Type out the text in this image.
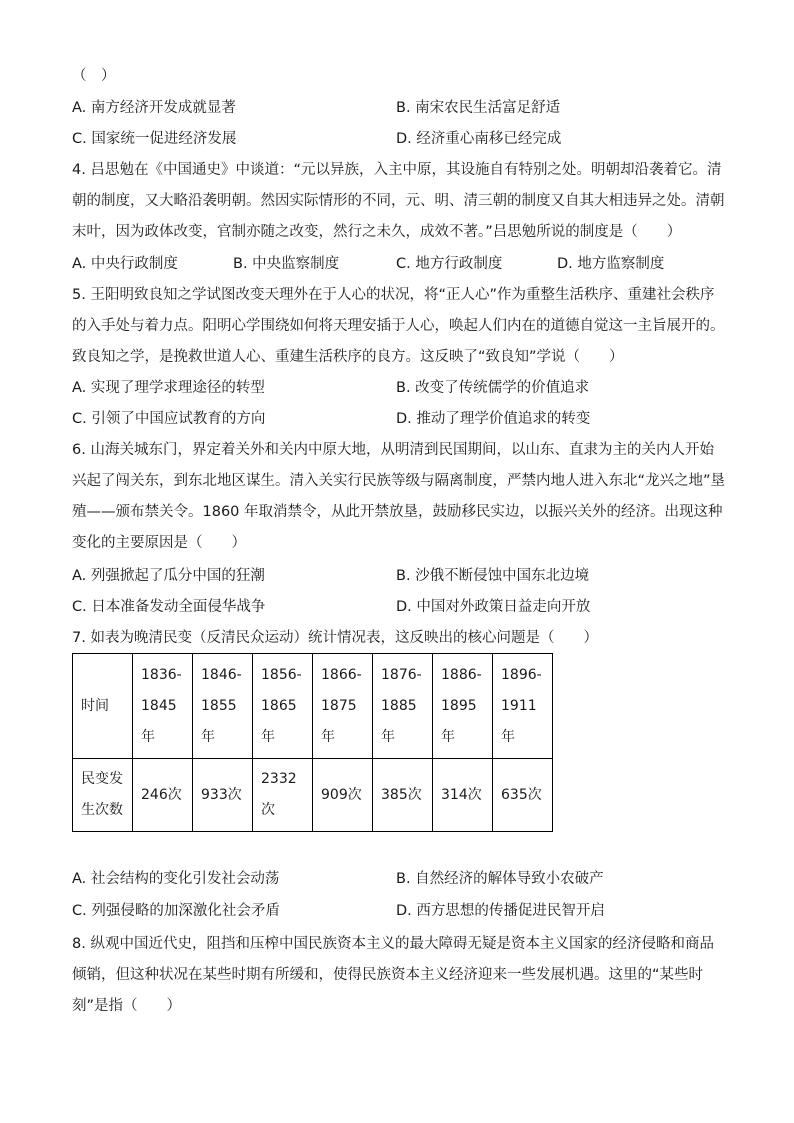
（　）
A. 南方经济开发成就显著	B. 南宋农民生活富足舒适
C. 国家统一促进经济发展	D. 经济重心南移已经完成
4. 吕思勉在《中国通史》中谈道：“元以异族，入主中原，其设施自有特别之处。明朝却沿袭着它。清朝的制度，又大略沿袭明朝。然因实际情形的不同，元、明、清三朝的制度又自其大相违异之处。清朝末叶，因为政体改变，官制亦随之改变，然行之未久，成效不著。”吕思勉所说的制度是（　　）
A. 中央行政制度	B. 中央监察制度	C. 地方行政制度	D. 地方监察制度
5. 王阳明致良知之学试图改变天理外在于人心的状况，将“正人心”作为重整生活秩序、重建社会秩序的入手处与着力点。阳明心学围绕如何将天理安插于人心，唤起人们内在的道德自觉这一主旨展开的。致良知之学，是挽救世道人心、重建生活秩序的良方。这反映了“致良知”学说（　　）
A. 实现了理学求理途径的转型	B. 改变了传统儒学的价值追求
C. 引领了中国应试教育的方向	D. 推动了理学价值追求的转变
6. 山海关城东门，界定着关外和关内中原大地，从明清到民国期间，以山东、直隶为主的关内人开始兴起了闯关东，到东北地区谋生。清入关实行民族等级与隔离制度，严禁内地人进入东北“龙兴之地”垦殖——颁布禁关令。1860 年取消禁令，从此开禁放垦，鼓励移民实边，以振兴关外的经济。出现这种变化的主要原因是（　　）
A. 列强掀起了瓜分中国的狂潮	B. 沙俄不断侵蚀中国东北边境
C. 日本准备发动全面侵华战争	D. 中国对外政策日益走向开放
7. 如表为晚清民变（反清民众运动）统计情况表，这反映出的核心问题是（　　）
时间	1836-1845年	1846-1855年	1856-1865年	1866-1875年	1876-1885年	1886-1895年	1896-1911年
民变发生次数	246次	933次	2332次	909次	385次	314次	635次
A. 社会结构的变化引发社会动荡	B. 自然经济的解体导致小农破产
C. 列强侵略的加深激化社会矛盾	D. 西方思想的传播促进民智开启
8. 纵观中国近代史，阻挡和压榨中国民族资本主义的最大障碍无疑是资本主义国家的经济侵略和商品倾销，但这种状况在某些时期有所缓和，使得民族资本主义经济迎来一些发展机遇。这里的“某些时刻”是指（　　）
